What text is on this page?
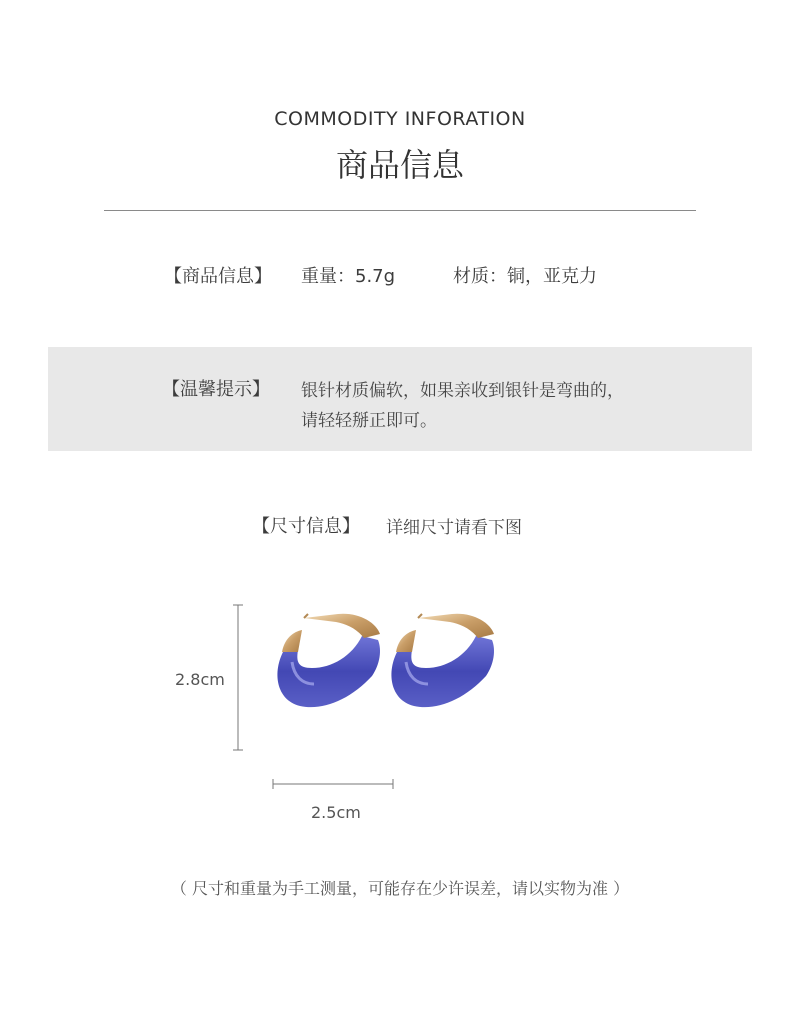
COMMODITY INFORATION
商品信息
【商品信息】 重量：5.7g	材质：铜，亚克力
【温馨提示】 银针材质偏软，如果亲收到银针是弯曲的，
请轻轻掰正即可。
【尺寸信息】 详细尺寸请看下图
2.8cm
2.5cm
（ 尺寸和重量为手工测量，可能存在少许误差，请以实物为准 ）
